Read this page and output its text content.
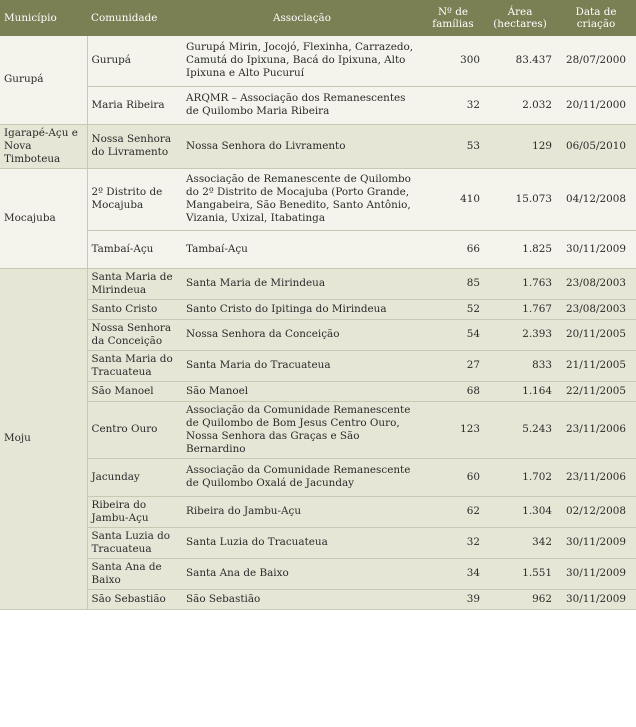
Município	Comunidade	Associação	Nº de famílias	Área (hectares)	Data de criação
Gurupá	Gurupá	Gurupá Mirin, Jocojó, Flexinha, Carrazedo, Camutá do Ipixuna, Bacá do Ipixuna, Alto Ipixuna e Alto Pucuruí	300	83.437	28/07/2000
	Maria Ribeira	ARQMR – Associação dos Remanescentes de Quilombo Maria Ribeira	32	2.032	20/11/2000
Igarapé-Açu e Nova Timboteua	Nossa Senhora do Livramento	Nossa Senhora do Livramento	53	129	06/05/2010
Mocajuba	2º Distrito de Mocajuba	Associação de Remanescente de Quilombo do 2º Distrito de Mocajuba (Porto Grande, Mangabeira, São Benedito, Santo Antônio, Vizania, Uxizal, Itabatinga	410	15.073	04/12/2008
	Tambaí-Açu	Tambaí-Açu	66	1.825	30/11/2009
Moju	Santa Maria de Mirindeua	Santa Maria de Mirindeua	85	1.763	23/08/2003
	Santo Cristo	Santo Cristo do Ipitinga do Mirindeua	52	1.767	23/08/2003
	Nossa Senhora da Conceição	Nossa Senhora da Conceição	54	2.393	20/11/2005
	Santa Maria do Tracuateua	Santa Maria do Tracuateua	27	833	21/11/2005
	São Manoel	São Manoel	68	1.164	22/11/2005
	Centro Ouro	Associação da Comunidade Remanescente de Quilombo de Bom Jesus Centro Ouro, Nossa Senhora das Graças e São Bernardino	123	5.243	23/11/2006
	Jacunday	Associação da Comunidade Remanescente de Quilombo Oxalá de Jacunday	60	1.702	23/11/2006
	Ribeira do Jambu-Açu	Ribeira do Jambu-Açu	62	1.304	02/12/2008
	Santa Luzia do Tracuateua	Santa Luzia do Tracuateua	32	342	30/11/2009
	Santa Ana de Baixo	Santa Ana de Baixo	34	1.551	30/11/2009
	São Sebastião	São Sebastião	39	962	30/11/2009
